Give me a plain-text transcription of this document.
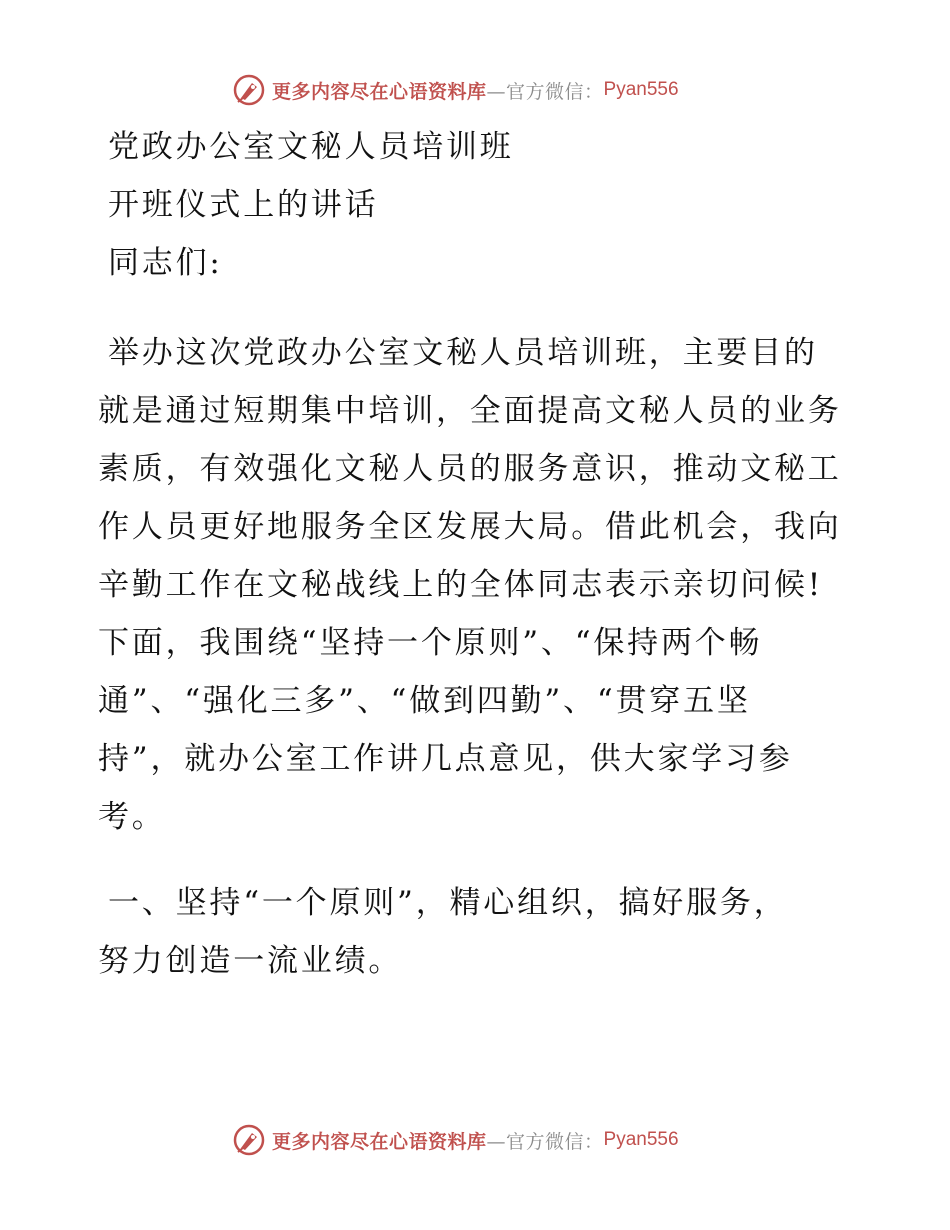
更多内容尽在心语资料库 —官方微信： Pyan556

党政办公室文秘人员培训班

开班仪式上的讲话

同志们:

举办这次党政办公室文秘人员培训班，主要目的

就是通过短期集中培训，全面提高文秘人员的业务

素质，有效强化文秘人员的服务意识，推动文秘工

作人员更好地服务全区发展大局。借此机会，我向

辛勤工作在文秘战线上的全体同志表示亲切问候!

下面，我围绕“坚持一个原则”、“保持两个畅

通”、“强化三多”、“做到四勤”、“贯穿五坚

持”，就办公室工作讲几点意见，供大家学习参

考。

一、坚持“一个原则”，精心组织，搞好服务，

努力创造一流业绩。

更多内容尽在心语资料库 —官方微信： Pyan556
